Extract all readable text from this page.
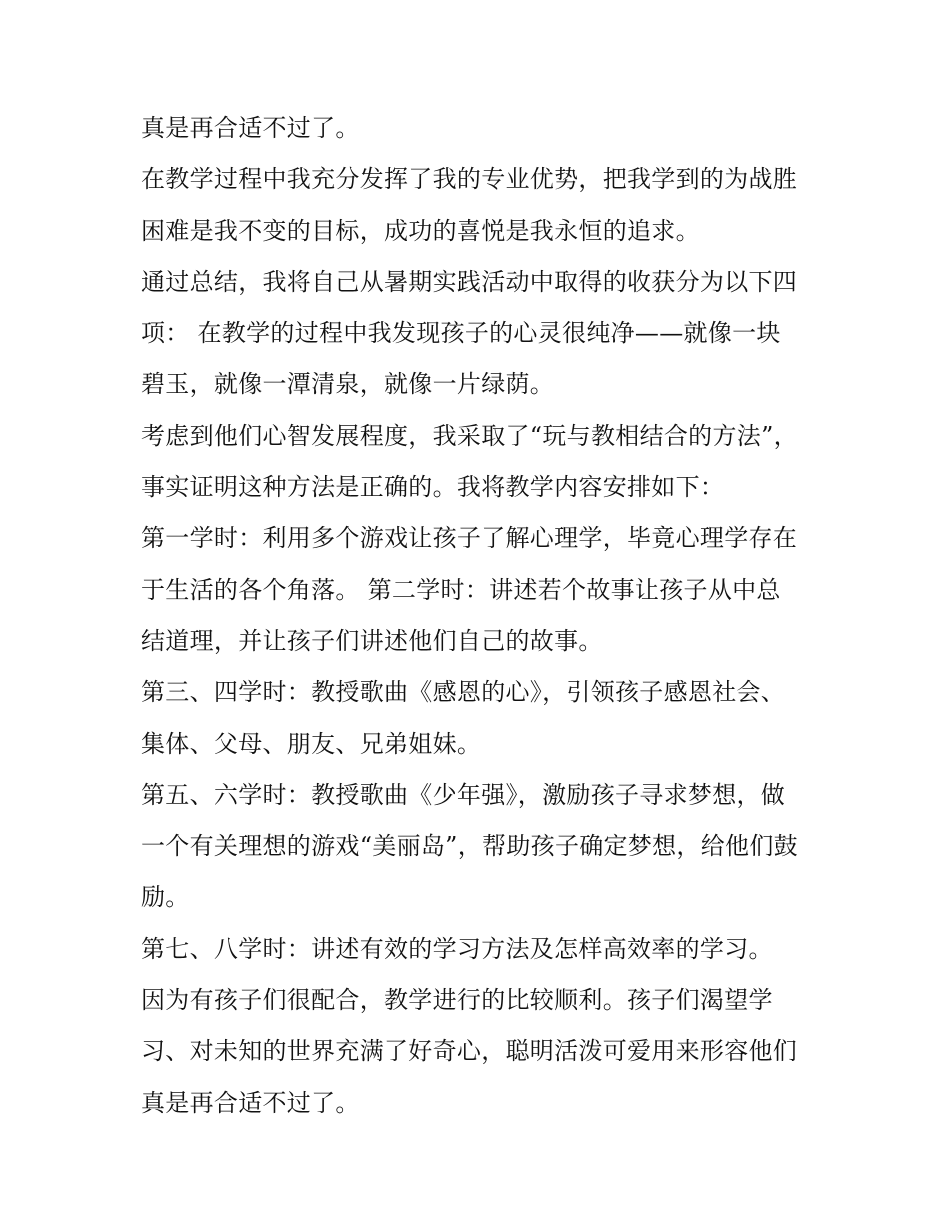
真是再合适不过了。
在教学过程中我充分发挥了我的专业优势，把我学到的为战胜
困难是我不变的目标，成功的喜悦是我永恒的追求。
通过总结，我将自己从暑期实践活动中取得的收获分为以下四
项： 在教学的过程中我发现孩子的心灵很纯净——就像一块
碧玉，就像一潭清泉，就像一片绿荫。
考虑到他们心智发展程度，我采取了“玩与教相结合的方法”，
事实证明这种方法是正确的。我将教学内容安排如下：
第一学时：利用多个游戏让孩子了解心理学，毕竟心理学存在
于生活的各个角落。 第二学时：讲述若个故事让孩子从中总
结道理，并让孩子们讲述他们自己的故事。
第三、四学时：教授歌曲《感恩的心》，引领孩子感恩社会、
集体、父母、朋友、兄弟姐妹。
第五、六学时：教授歌曲《少年强》，激励孩子寻求梦想，做
一个有关理想的游戏“美丽岛”，帮助孩子确定梦想，给他们鼓
励。
第七、八学时：讲述有效的学习方法及怎样高效率的学习。
因为有孩子们很配合，教学进行的比较顺利。孩子们渴望学
习、对未知的世界充满了好奇心，聪明活泼可爱用来形容他们
真是再合适不过了。
